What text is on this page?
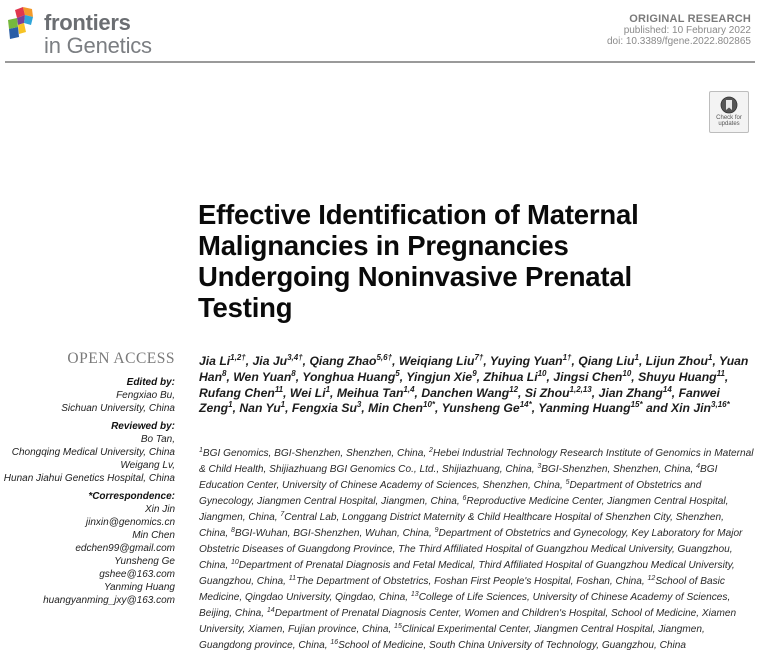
frontiers
in Genetics
ORIGINAL RESEARCH
published: 10 February 2022
doi: 10.3389/fgene.2022.802865
Check for
updates
Effective Identification of Maternal Malignancies in Pregnancies Undergoing Noninvasive Prenatal Testing
OPEN ACCESS
Edited by:
Fengxiao Bu,
Sichuan University, China
Reviewed by:
Bo Tan,
Chongqing Medical University, China
Weigang Lv,
Hunan Jiahui Genetics Hospital, China
*Correspondence:
Xin Jin
jinxin@genomics.cn
Min Chen
edchen99@gmail.com
Yunsheng Ge
gshee@163.com
Yanming Huang
huangyanming_jxy@163.com
Jia $Li^{1,2\dagger}$, Jia $Ju^{3,4\dagger}$, Qiang Zhao$^{5,6\dagger}$, Weiqiang Liu$^{7\dagger}$, Yuying Yuan$^{1\dagger}$, Qiang Liu$^1$, Lijun Zhou$^1$, Yuan Han$^8$, Wen Yuan$^8$, Yonghua Huang$^5$, Yingjun Xie$^9$, Zhihua Li$^{10}$, Jingsi Chen$^{10}$, Shuyu Huang$^{11}$, Rufang Chen$^{11}$, Wei Li$^1$, Meihua Tan$^{1,4}$, Danchen Wang$^{12}$, Si Zhou$^{1,2,13}$, Jian Zhang$^{14}$, Fanwei Zeng$^1$, Nan Yu$^1$, Fengxia Su$^3$, Min Chen$^{10*}$, Yunsheng $Ge^{14*}$, Yanming Huang$^{15*}$ and Xin Jin$^{3,16*}$
$^1$BGI Genomics, BGI-Shenzhen, Shenzhen, China, $^2$Hebei Industrial Technology Research Institute of Genomics in Maternal & Child Health, Shijiazhuang BGI Genomics Co., Ltd., Shijiazhuang, China, $^3$BGI-Shenzhen, Shenzhen, China, $^4$BGI Education Center, University of Chinese Academy of Sciences, Shenzhen, China, $^5$Department of Obstetrics and Gynecology, Jiangmen Central Hospital, Jiangmen, China, $^6$Reproductive Medicine Center, Jiangmen Central Hospital, Jiangmen, China, $^7$Central Lab, Longgang District Maternity & Child Healthcare Hospital of Shenzhen City, Shenzhen, China, $^8$BGI-Wuhan, BGI-Shenzhen, Wuhan, China, $^9$Department of Obstetrics and Gynecology, Key Laboratory for Major Obstetric Diseases of Guangdong Province, The Third Affiliated Hospital of Guangzhou Medical University, Guangzhou, China, $^{10}$Department of Prenatal Diagnosis and Fetal Medical, Third Affiliated Hospital of Guangzhou Medical University, Guangzhou, China, $^{11}$The Department of Obstetrics, Foshan First People's Hospital, Foshan, China, $^{12}$School of Basic Medicine, Qingdao University, Qingdao, China, $^{13}$College of Life Sciences, University of Chinese Academy of Sciences, Beijing, China, $^{14}$Department of Prenatal Diagnosis Center, Women and Children's Hospital, School of Medicine, Xiamen University, Xiamen, Fujian province, China, $^{15}$Clinical Experimental Center, Jiangmen Central Hospital, Jiangmen, Guangdong province, China, $^{16}$School of Medicine, South China University of Technology, Guangzhou, China
